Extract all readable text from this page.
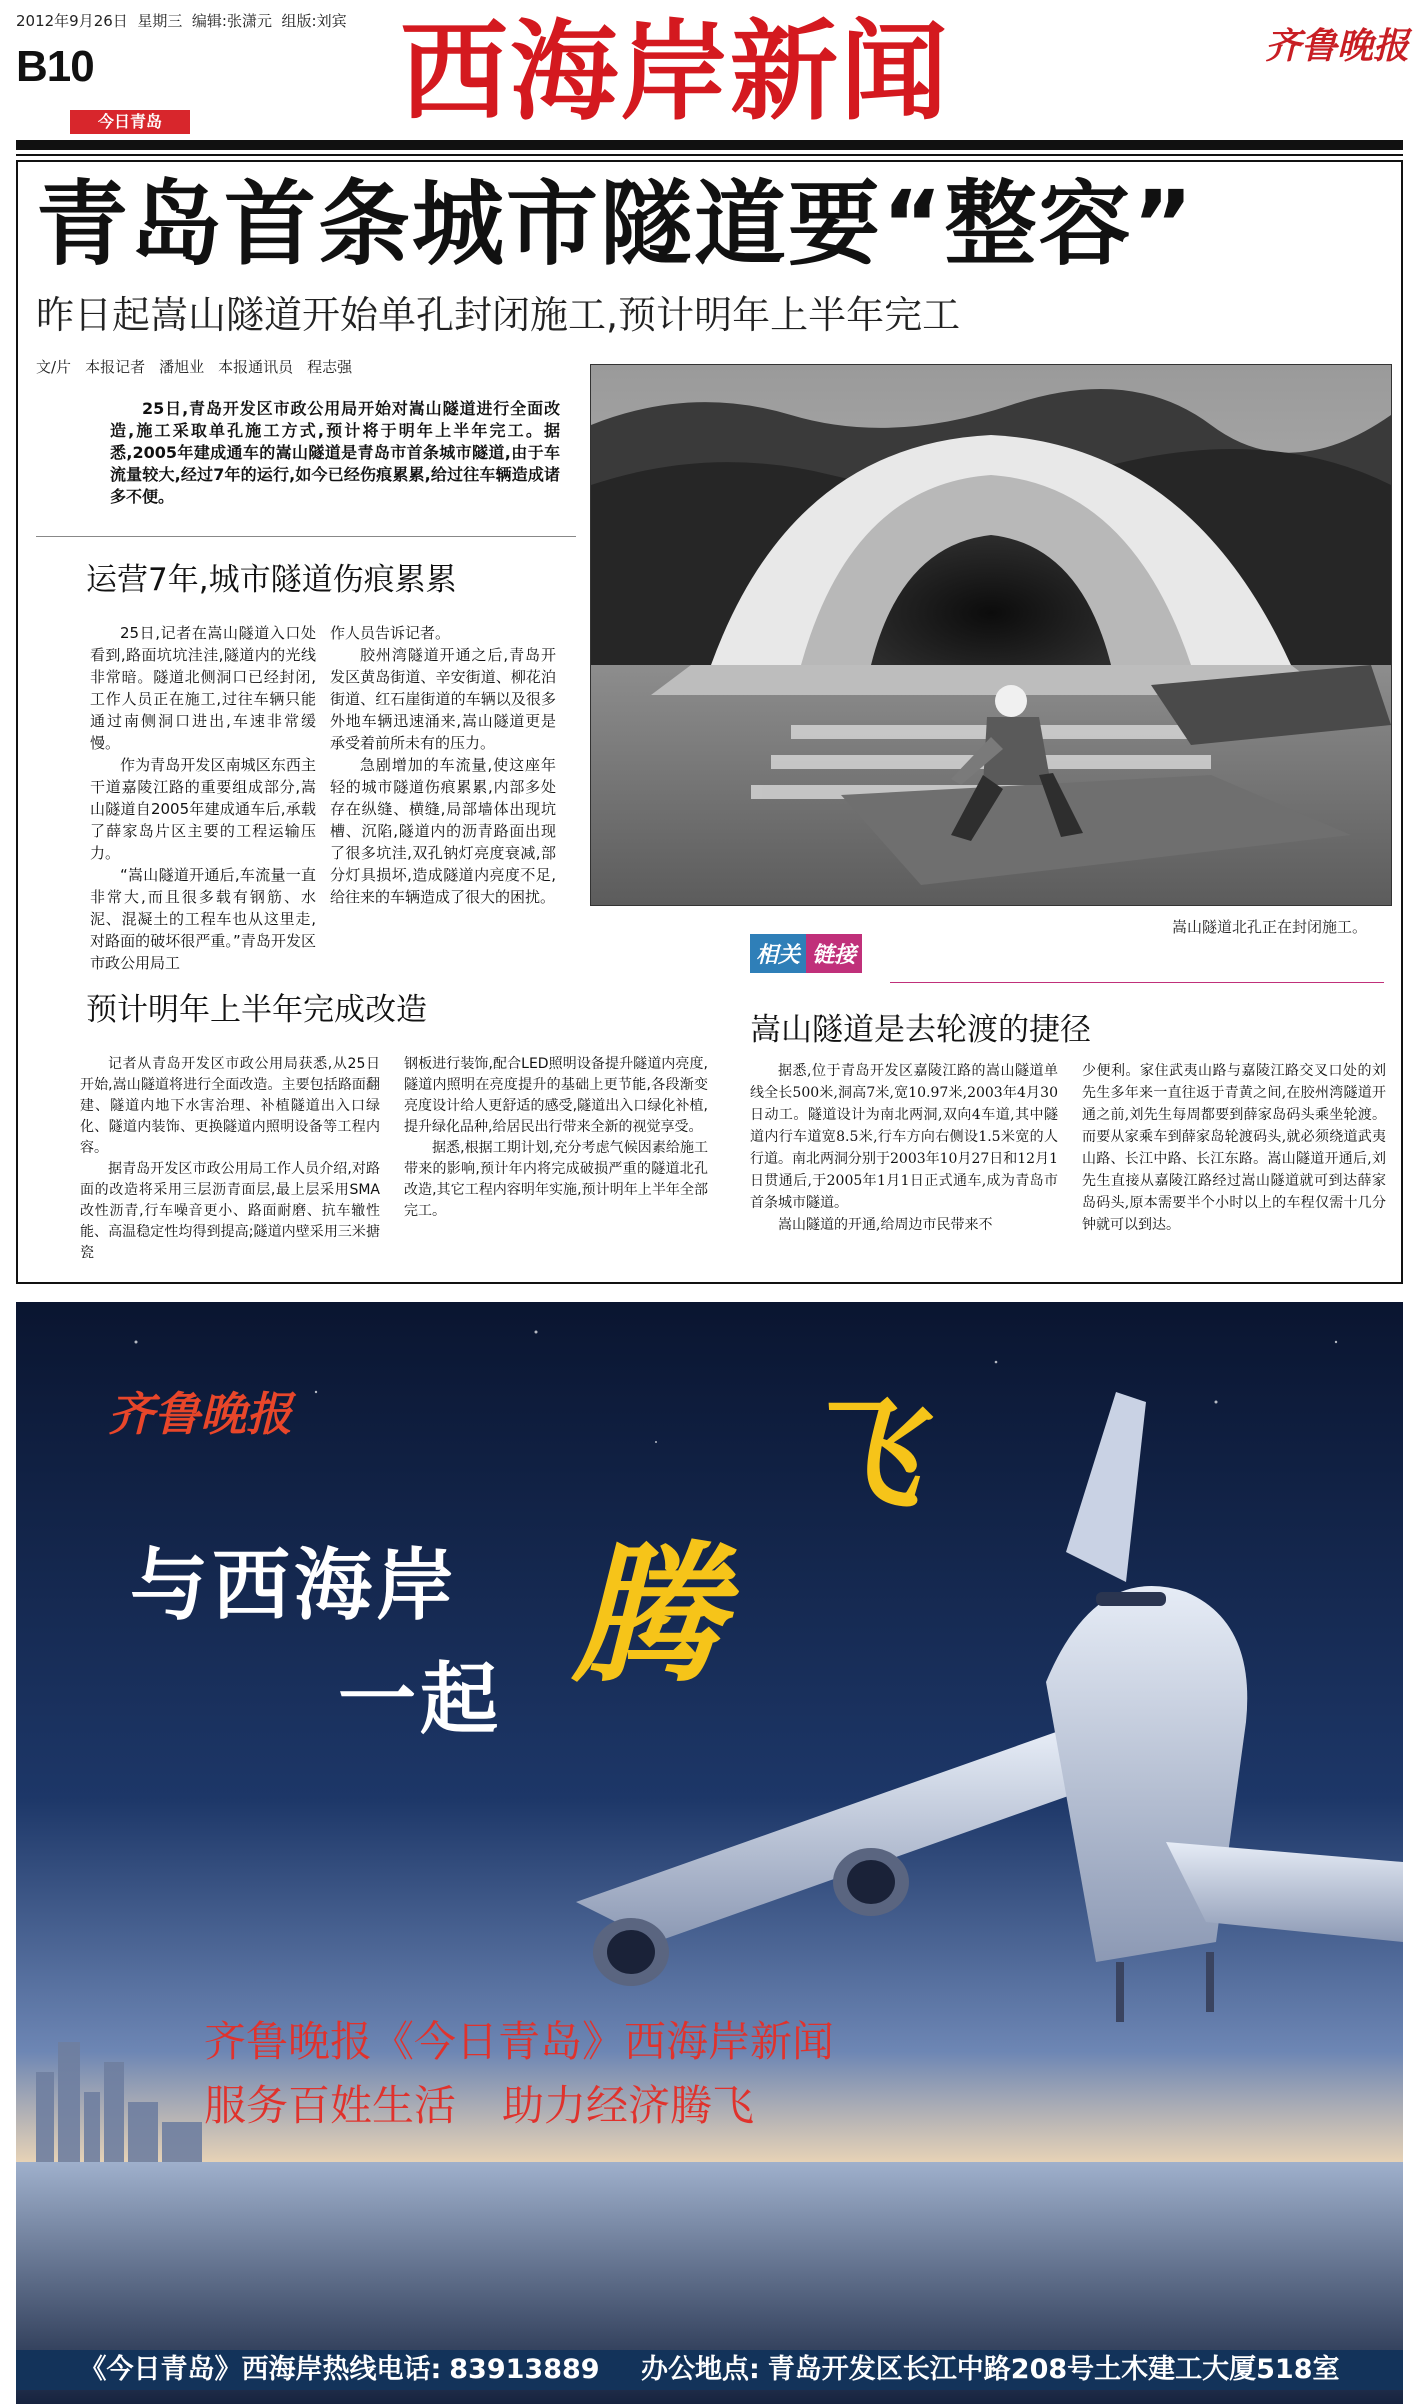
2012年9月26日 星期三 编辑:张潇元 组版:刘宾
B10
今日青岛 西海岸新闻	齐鲁晚报
青岛首条城市隧道要“整容”
昨日起嵩山隧道开始单孔封闭施工,预计明年上半年完工
文/片 本报记者 潘旭业 本报通讯员 程志强
25日,青岛开发区市政公用局开始对嵩山隧道进行全面改造,施工采取单孔施工方式,预计将于明年上半年完工。据悉,2005年建成通车的嵩山隧道是青岛市首条城市隧道,由于车流量较大,经过7年的运行,如今已经伤痕累累,给过往车辆造成诸多不便。
运营7年,城市隧道伤痕累累

25日,记者在嵩山隧道入口处看到,路面坑坑洼洼,隧道内的光线非常暗。隧道北侧洞口已经封闭,工作人员正在施工,过往车辆只能通过南侧洞口进出,车速非常缓慢。

作为青岛开发区南城区东西主干道嘉陵江路的重要组成部分,嵩山隧道自2005年建成通车后,承载了薛家岛片区主要的工程运输压力。

“嵩山隧道开通后,车流量一直非常大,而且很多载有钢筋、水泥、混凝土的工程车也从这里走,对路面的破坏很严重。”青岛开发区市政公用局工

作人员告诉记者。

胶州湾隧道开通之后,青岛开发区黄岛街道、辛安街道、柳花泊街道、红石崖街道的车辆以及很多外地车辆迅速涌来,嵩山隧道更是承受着前所未有的压力。

急剧增加的车流量,使这座年轻的城市隧道伤痕累累,内部多处存在纵缝、横缝,局部墙体出现坑槽、沉陷,隧道内的沥青路面出现了很多坑洼,双孔钠灯亮度衰减,部分灯具损坏,造成隧道内亮度不足,给往来的车辆造成了很大的困扰。

预计明年上半年完成改造

记者从青岛开发区市政公用局获悉,从25日开始,嵩山隧道将进行全面改造。主要包括路面翻建、隧道内地下水害治理、补植隧道出入口绿化、隧道内装饰、更换隧道内照明设备等工程内容。

据青岛开发区市政公用局工作人员介绍,对路面的改造将采用三层沥青面层,最上层采用SMA改性沥青,行车噪音更小、路面耐磨、抗车辙性能、高温稳定性均得到提高;隧道内壁采用三米搪瓷

钢板进行装饰,配合LED照明设备提升隧道内亮度,隧道内照明在亮度提升的基础上更节能,各段渐变亮度设计给人更舒适的感受,隧道出入口绿化补植,提升绿化品种,给居民出行带来全新的视觉享受。

据悉,根据工期计划,充分考虑气候因素给施工带来的影响,预计年内将完成破损严重的隧道北孔改造,其它工程内容明年实施,预计明年上半年全部完工。

嵩山隧道北孔正在封闭施工。
相关 链接
嵩山隧道是去轮渡的捷径

据悉,位于青岛开发区嘉陵江路的嵩山隧道单线全长500米,洞高7米,宽10.97米,2003年4月30日动工。隧道设计为南北两洞,双向4车道,其中隧道内行车道宽8.5米,行车方向右侧设1.5米宽的人行道。南北两洞分别于2003年10月27日和12月1日贯通后,于2005年1月1日正式通车,成为青岛市首条城市隧道。

嵩山隧道的开通,给周边市民带来不

少便利。家住武夷山路与嘉陵江路交叉口处的刘先生多年来一直往返于青黄之间,在胶州湾隧道开通之前,刘先生每周都要到薛家岛码头乘坐轮渡。而要从家乘车到薛家岛轮渡码头,就必须绕道武夷山路、长江中路、长江东路。嵩山隧道开通后,刘先生直接从嘉陵江路经过嵩山隧道就可到达薛家岛码头,原本需要半个小时以上的车程仅需十几分钟就可以到达。

齐鲁晚报
与西海岸
一起 腾
飞
齐鲁晚报《今日青岛》西海岸新闻
服务百姓生活 助力经济腾飞
《今日青岛》西海岸热线电话: 83913889 办公地点: 青岛开发区长江中路208号土木建工大厦518室
